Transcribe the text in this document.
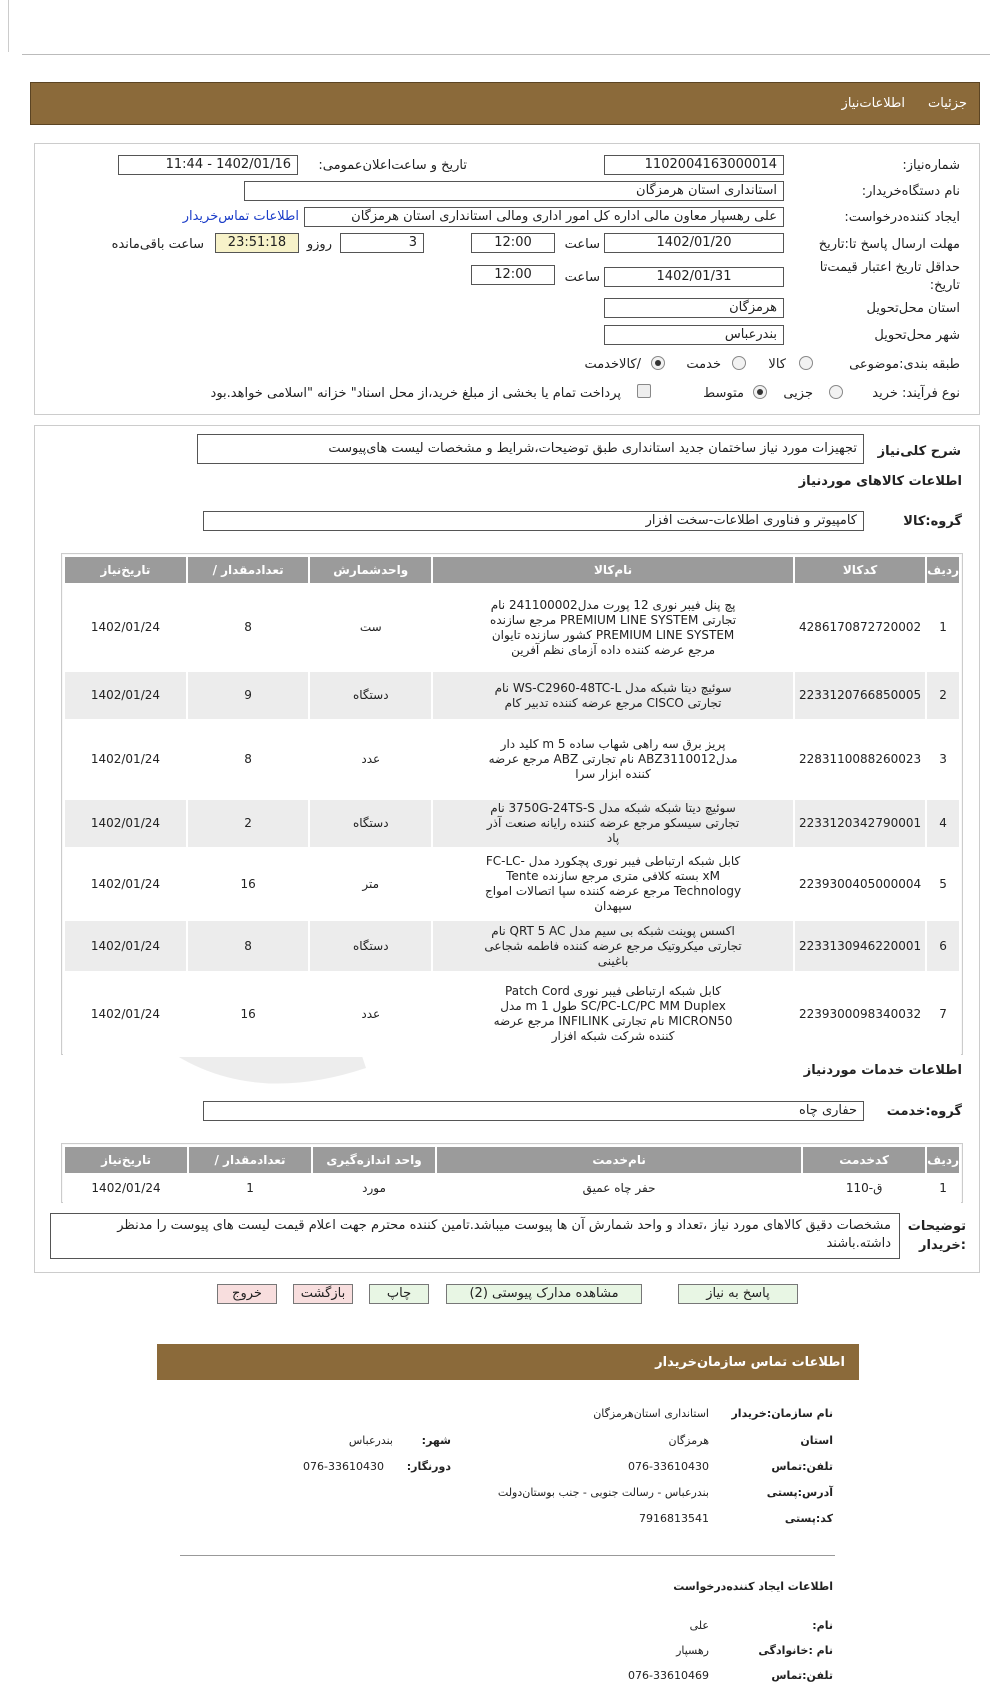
جزئیات
اطلاعات‌نیاز
شماره‌نیاز:
1102004163000014
تاریخ و ساعت‌اعلان‌عمومی:
1402/01/16 - 11:44
نام دستگاه‌خریدار:
استانداری استان هرمزگان
ایجاد کننده‌درخواست:
علی رهسپار معاون مالی اداره کل امور اداری ومالی استانداری استان هرمزگان
اطلاعات تماس‌خریدار
مهلت ارسال ‌پاسخ تا‌:تاریخ
1402/01/20
ساعت
12:00
3
روزو
23:51:18
ساعت باقی‌مانده
حداقل تاریخ اعتبار قیمت‌تا
تاریخ:
1402/01/31
ساعت
12:00
استان محل‌تحویل
هرمزگان
شهر محل‌تحویل
بندرعباس
طبقه بندی:موضوعی
کالا
خدمت
/کالاخدمت
نوع فرآیند: خرید
جزیی
متوسط
پرداخت تمام یا بخشی از مبلغ خرید،از محل اسناد" خزانه "اسلامی خواهد.بود
شرح کلی‌نیاز
تجهیزات مورد نیاز ساختمان جدید استانداری طبق توضیحات،شرایط و مشخصات لیست های‌پیوست
اطلاعات کالاهای موردنیاز
گروه:کالا
کامپیوتر و فناوری اطلاعات-سخت افزار
ردیف	کدکالا	نام‌کالا	واحدشمارش	تعدادمقدار /	تاریخ‌نیاز
1	4286170872720002	پچ پنل فیبر نوری 12 پورت مدل241100002 نام تجارتی PREMIUM LINE SYSTEM مرجع سازنده PREMIUM LINE SYSTEM کشور سازنده تایوان مرجع عرضه کننده داده آزمای نظم آفرین	ست	8	1402/01/24
2	2233120766850005	سوئیچ دیتا شبکه مدل WS-C2960-48TC-L نام تجارتی CISCO مرجع عرضه کننده تدبیر کام	دستگاه	9	1402/01/24
3	2283110088260023	پریز برق سه راهی شهاب ساده 5 m کلید دار مدلABZ3110012 نام تجارتی ABZ مرجع عرضه کننده ابزار سرا	عدد	8	1402/01/24
4	2233120342790001	سوئیچ دیتا شبکه شبکه مدل 3750G-24TS-S نام تجارتی سیسکو مرجع عرضه کننده رایانه صنعت آذر پاد	دستگاه	2	1402/01/24
5	2239300405000004	کابل شبکه ارتباطی فیبر نوری پچکورد مدل FC-LC-xM بسته کلافی متری مرجع سازنده Tente Technology مرجع عرضه کننده سپا اتصالات امواج سپهدان	متر	16	1402/01/24
6	2233130946220001	اکسس پوینت شبکه بی سیم مدل QRT 5 AC نام تجارتی میکروتیک مرجع عرضه کننده فاطمه شجاعی باغینی	دستگاه	8	1402/01/24
7	2239300098340032	کابل شبکه ارتباطی فیبر نوری Patch Cord SC/PC-LC/PC MM Duplex طول 1 m مدل MICRON50 نام تجارتی INFILINK مرجع عرضه کننده شرکت شبکه افزار	عدد	16	1402/01/24
اطلاعات خدمات موردنیاز
گروه:خدمت
حفاری چاه
ردیف	کدخدمت	نام‌خدمت	واحد اندازه‌گیری	تعدادمقدار /	تاریخ‌نیاز
1	ق-110	حفر چاه عمیق	مورد	1	1402/01/24
توضیحات
:خریدار
مشخصات دقیق کالاهای مورد نیاز ،تعداد و واحد شمارش آن ها پیوست میباشد.تامین کننده محترم جهت اعلام قیمت لیست های پیوست را مدنظر داشته.باشند
پاسخ به نیاز
مشاهده مدارک پیوستی (2)
چاپ
بازگشت
خروج
اطلاعات تماس سازمان‌خریدار
نام سازمان:خریدار
استانداری استان‌هرمزگان
استان
هرمزگان
شهر:
بندرعباس
تلفن:تماس
076-33610430
دورنگار:
076-33610430
آدرس:پستی
بندرعباس - رسالت جنوبی - جنب بوستان‌دولت
کد:پستی
7916813541
اطلاعات ایجاد کننده‌درخواست
نام:
علی
نام :خانوادگی
رهسپار
تلفن:تماس
076-33610469
